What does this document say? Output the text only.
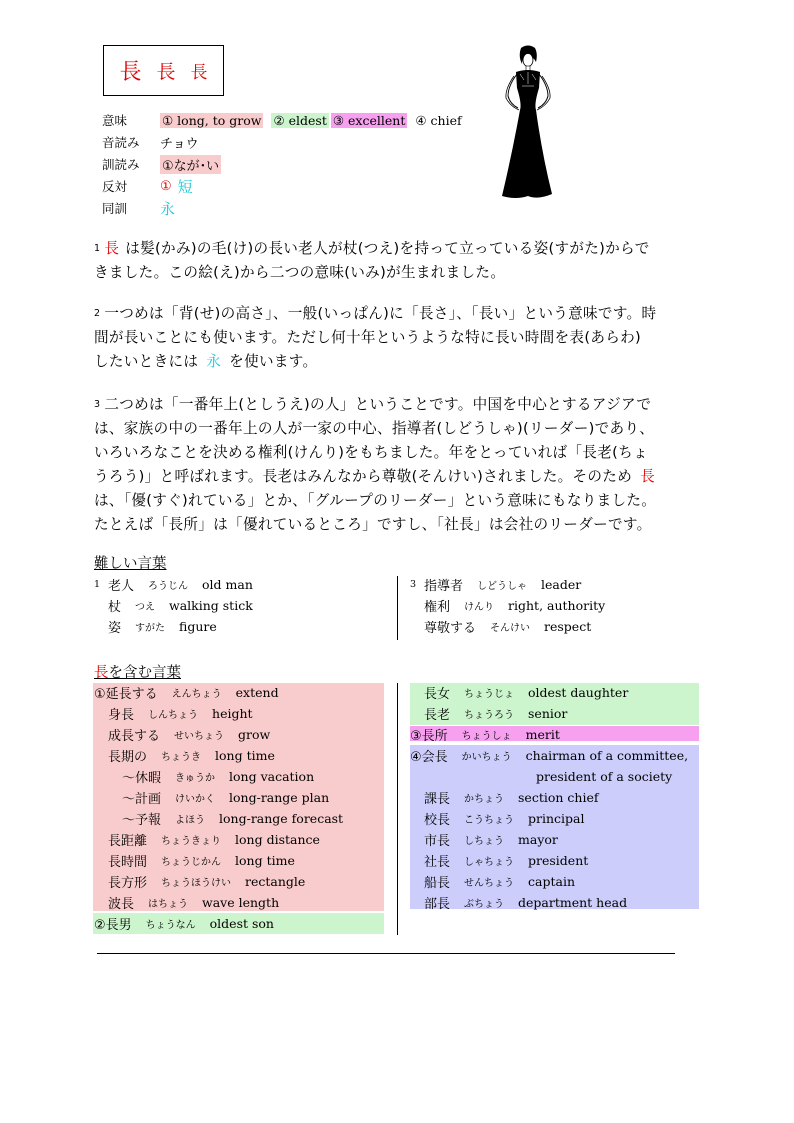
長 長 長
意味	① long, to grow ② eldest ③ excellent ④ chief
音読み	チョウ
訓読み	①なが･い
反対	① 短
同訓	永
1 長 は髪(かみ)の毛(け)の長い老人が杖(つえ)を持って立っている姿(すがた)からで
きました。この絵(え)から二つの意味(いみ)が生まれました。
2 一つめは「背(せ)の高さ」、一般(いっぱん)に「長さ」、「長い」という意味です。時
間が長いことにも使います。ただし何十年というような特に長い時間を表(あらわ)
したいときには 永 を使います。
3 二つめは「一番年上(としうえ)の人」ということです。中国を中心とするアジアで
は、家族の中の一番年上の人が一家の中心、指導者(しどうしゃ)(リーダー)であり、
いろいろなことを決める権利(けんり)をもちました。年をとっていれば「長老(ちょ
うろう)」と呼ばれます。長老はみんなから尊敬(そんけい)されました。そのため 長
は、「優(すぐ)れている」とか、「グループのリーダー」という意味にもなりました。
たとえば「長所」は「優れているところ」ですし、「社長」は会社のリーダーです。
難しい言葉
1 老人 ろうじん old man
杖 つえ walking stick
姿 すがた figure
3 指導者 しどうしゃ leader
権利 けんり right, authority
尊敬する そんけい respect
長を含む言葉
①延長する えんちょう extend
身長 しんちょう height
成長する せいちょう grow
長期の ちょうき long time
～休暇 きゅうか long vacation
～計画 けいかく long-range plan
～予報 よほう long-range forecast
長距離 ちょうきょり long distance
長時間 ちょうじかん long time
長方形 ちょうほうけい rectangle
波長 はちょう wave length
②長男 ちょうなん oldest son
長女 ちょうじょ oldest daughter
長老 ちょうろう senior
③長所 ちょうしょ merit
④会長 かいちょう chairman of a committee,
president of a society
課長 かちょう section chief
校長 こうちょう principal
市長 しちょう mayor
社長 しゃちょう president
船長 せんちょう captain
部長 ぶちょう department head
